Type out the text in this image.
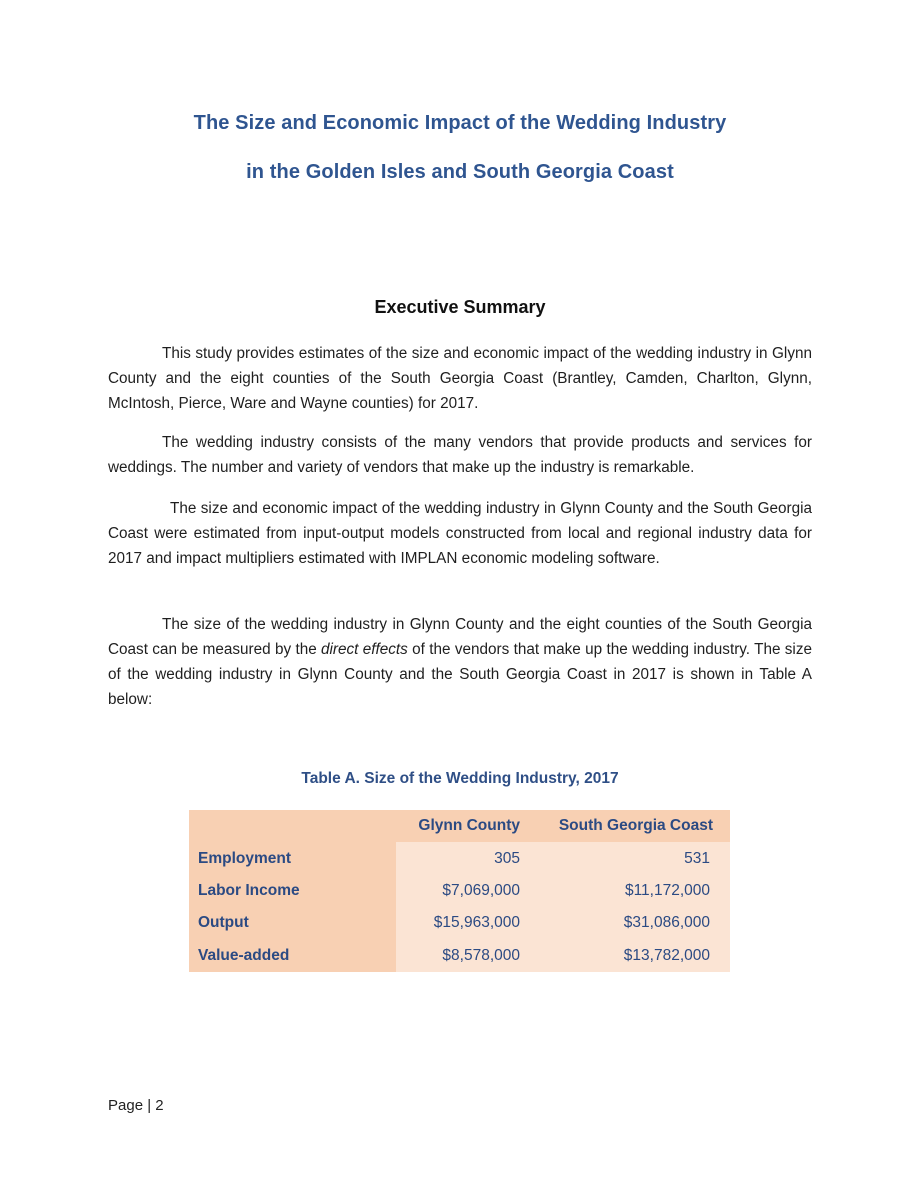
The Size and Economic Impact of the Wedding Industry
in the Golden Isles and South Georgia Coast
Executive Summary

This study provides estimates of the size and economic impact of the wedding industry in Glynn County and the eight counties of the South Georgia Coast (Brantley, Camden, Charlton, Glynn, McIntosh, Pierce, Ware and Wayne counties) for 2017.

The wedding industry consists of the many vendors that provide products and services for weddings. The number and variety of vendors that make up the industry is remarkable.

The size and economic impact of the wedding industry in Glynn County and the South Georgia Coast were estimated from input-output models constructed from local and regional industry data for 2017 and impact multipliers estimated with IMPLAN economic modeling software.

The size of the wedding industry in Glynn County and the eight counties of the South Georgia Coast can be measured by the direct effects of the vendors that make up the wedding industry. The size of the wedding industry in Glynn County and the South Georgia Coast in 2017 is shown in Table A below:

Table A. Size of the Wedding Industry, 2017
	Glynn County	South Georgia Coast
Employment	305	531
Labor Income	$7,069,000	$11,172,000
Output	$15,963,000	$31,086,000
Value-added	$8,578,000	$13,782,000
Page | 2
